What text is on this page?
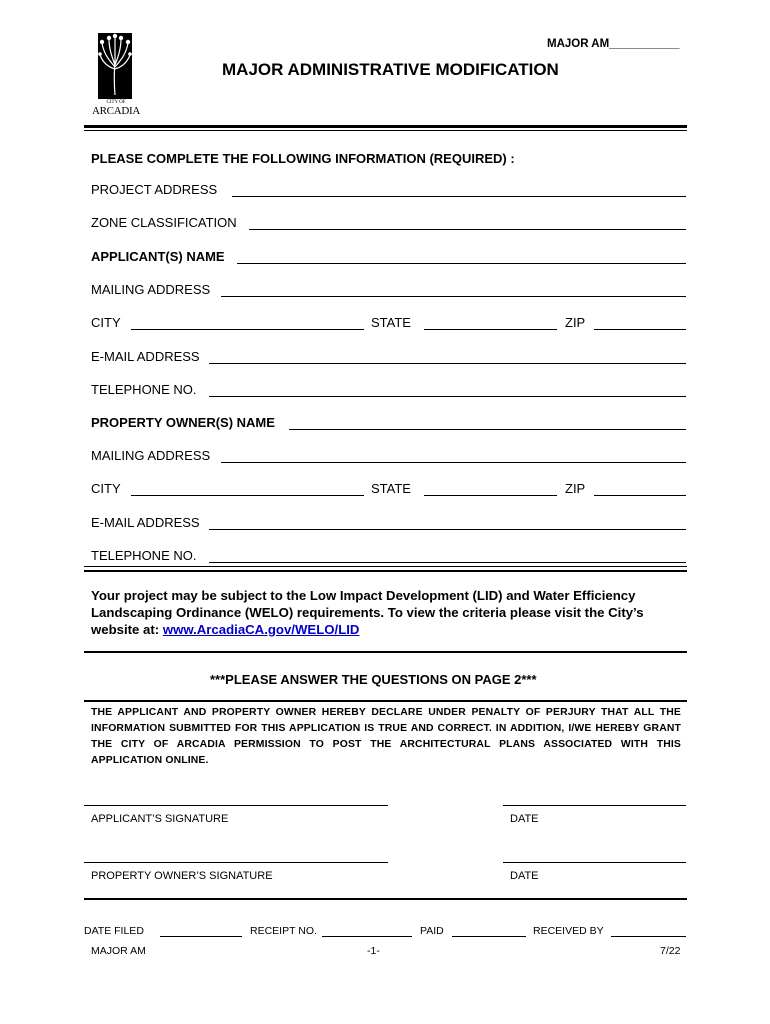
CITY OF
ARCADIA
MAJOR AM___________
MAJOR ADMINISTRATIVE MODIFICATION
PLEASE COMPLETE THE FOLLOWING INFORMATION (REQUIRED) :
PROJECT ADDRESS
ZONE CLASSIFICATION
APPLICANT(S) NAME
MAILING ADDRESS
CITY	STATE	ZIP
E-MAIL ADDRESS
TELEPHONE NO.
PROPERTY OWNER(S) NAME
MAILING ADDRESS
CITY	STATE	ZIP
E-MAIL ADDRESS
TELEPHONE NO.
Your project may be subject to the Low Impact Development (LID) and Water Efficiency Landscaping Ordinance (WELO) requirements. To view the criteria please visit the City’s website at: www.ArcadiaCA.gov/WELO/LID
***PLEASE ANSWER THE QUESTIONS ON PAGE 2***
THE APPLICANT AND PROPERTY OWNER HEREBY DECLARE UNDER PENALTY OF PERJURY THAT ALL THE INFORMATION SUBMITTED FOR THIS APPLICATION IS TRUE AND CORRECT. IN ADDITION, I/WE HEREBY GRANT THE CITY OF ARCADIA PERMISSION TO POST THE ARCHITECTURAL PLANS ASSOCIATED WITH THIS APPLICATION ONLINE.
APPLICANT’S SIGNATURE	DATE
PROPERTY OWNER’S SIGNATURE	DATE
DATE FILED	RECEIPT NO.	PAID	RECEIVED BY
MAJOR AM	-1-	7/22
